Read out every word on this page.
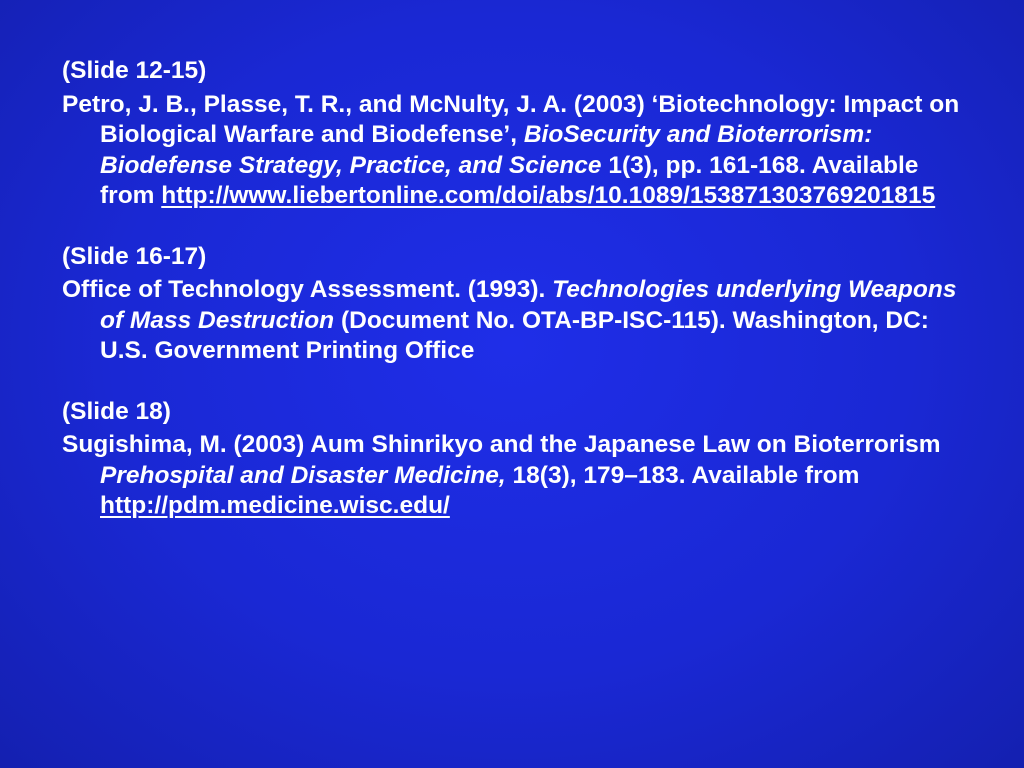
(Slide 12-15)

Petro, J. B., Plasse, T. R., and McNulty, J. A. (2003) ‘Biotechnology: Impact on Biological Warfare and Biodefense’, BioSecurity and Bioterrorism: Biodefense Strategy, Practice, and Science 1(3), pp. 161-168. Available from http://www.liebertonline.com/doi/abs/10.1089/153871303769201815

(Slide 16-17)

Office of Technology Assessment. (1993). Technologies underlying Weapons of Mass Destruction (Document No. OTA-BP-ISC-115). Washington, DC: U.S. Government Printing Office

(Slide 18)

Sugishima, M. (2003) Aum Shinrikyo and the Japanese Law on Bioterrorism Prehospital and Disaster Medicine, 18(3), 179–183. Available from http://pdm.medicine.wisc.edu/
